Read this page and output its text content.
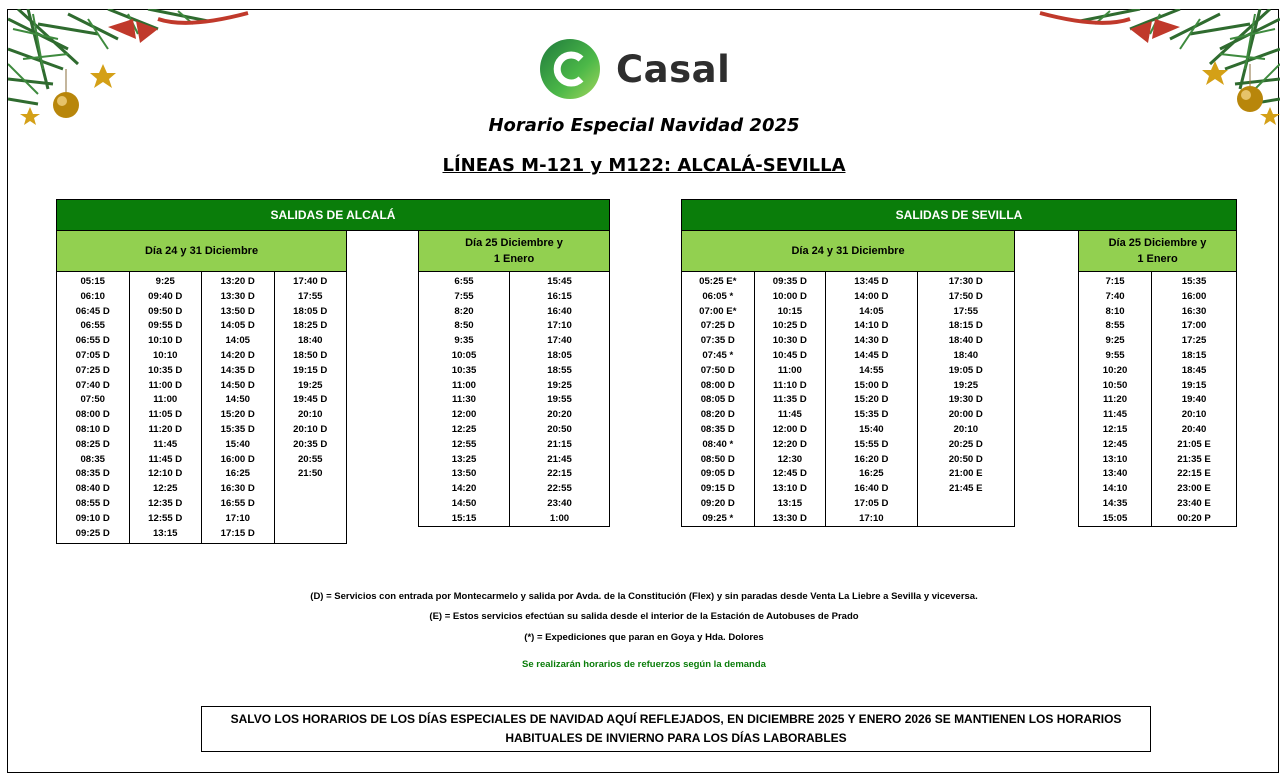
Casal
Horario Especial Navidad 2025
LÍNEAS M-121 y M122: ALCALÁ-SEVILLA
SALIDAS DE ALCALÁ
Día 24 y 31 Diciembre
Día 25 Diciembre y
1 Enero
05:15
06:10
06:45 D
06:55
06:55 D
07:05 D
07:25 D
07:40 D
07:50
08:00 D
08:10 D
08:25 D
08:35
08:35 D
08:40 D
08:55 D
09:10 D
09:25 D
9:25
09:40 D
09:50 D
09:55 D
10:10 D
10:10
10:35 D
11:00 D
11:00
11:05 D
11:20 D
11:45
11:45 D
12:10 D
12:25
12:35 D
12:55 D
13:15
13:20 D
13:30 D
13:50 D
14:05 D
14:05
14:20 D
14:35 D
14:50 D
14:50
15:20 D
15:35 D
15:40
16:00 D
16:25
16:30 D
16:55 D
17:10
17:15 D
17:40 D
17:55
18:05 D
18:25 D
18:40
18:50 D
19:15 D
19:25
19:45 D
20:10
20:10 D
20:35 D
20:55
21:50
6:55
7:55
8:20
8:50
9:35
10:05
10:35
11:00
11:30
12:00
12:25
12:55
13:25
13:50
14:20
14:50
15:15
15:45
16:15
16:40
17:10
17:40
18:05
18:55
19:25
19:55
20:20
20:50
21:15
21:45
22:15
22:55
23:40
1:00
SALIDAS DE SEVILLA
Día 24 y 31 Diciembre
Día 25 Diciembre y
1 Enero
05:25 E*
06:05 *
07:00 E*
07:25 D
07:35 D
07:45 *
07:50 D
08:00 D
08:05 D
08:20 D
08:35 D
08:40 *
08:50 D
09:05 D
09:15 D
09:20 D
09:25 *
09:35 D
10:00 D
10:15
10:25 D
10:30 D
10:45 D
11:00
11:10 D
11:35 D
11:45
12:00 D
12:20 D
12:30
12:45 D
13:10 D
13:15
13:30 D
13:45 D
14:00 D
14:05
14:10 D
14:30 D
14:45 D
14:55
15:00 D
15:20 D
15:35 D
15:40
15:55 D
16:20 D
16:25
16:40 D
17:05 D
17:10
17:30 D
17:50 D
17:55
18:15 D
18:40 D
18:40
19:05 D
19:25
19:30 D
20:00 D
20:10
20:25 D
20:50 D
21:00 E
21:45 E
7:15
7:40
8:10
8:55
9:25
9:55
10:20
10:50
11:20
11:45
12:15
12:45
13:10
13:40
14:10
14:35
15:05
15:35
16:00
16:30
17:00
17:25
18:15
18:45
19:15
19:40
20:10
20:40
21:05 E
21:35 E
22:15 E
23:00 E
23:40 E
00:20 P
(D) = Servicios con entrada por Montecarmelo y salida por Avda. de la Constitución (Flex) y sin paradas desde Venta La Liebre a Sevilla y viceversa.
(E) = Estos servicios efectúan su salida desde el interior de la Estación de Autobuses de Prado
(*) = Expediciones que paran en Goya y Hda. Dolores
Se realizarán horarios de refuerzos según la demanda
SALVO LOS HORARIOS DE LOS DÍAS ESPECIALES DE NAVIDAD AQUÍ REFLEJADOS, EN DICIEMBRE 2025 Y ENERO 2026 SE MANTIENEN LOS HORARIOS
HABITUALES DE INVIERNO PARA LOS DÍAS LABORABLES
